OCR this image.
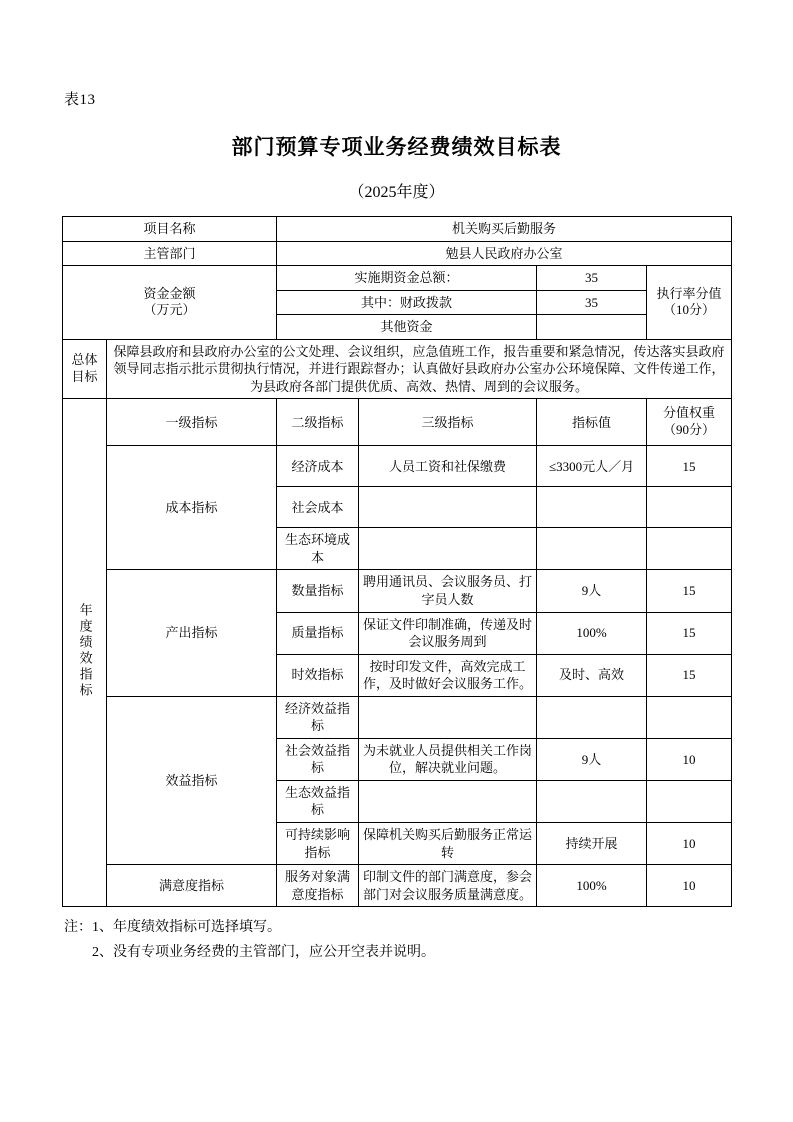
表13
部门预算专项业务经费绩效目标表
（2025年度）
项目名称		机关购买后勤服务			
主管部门		勉县人民政府办公室			

资金金额
（万元）		实施期资金总额：		35	执行率分值
（10分）

		其中：财政拨款		35	
		其他资金			

总体
目标	保障县政府和县政府办公室的公文处理、会议组织，应急值班工作，报告重要和紧急情况，传达落实县政府领导同志指示批示贯彻执行情况，并进行跟踪督办；认真做好县政府办公室办公环境保障、文件传递工作，为县政府各部门提供优质、高效、热情、周到的会议服务。				
年度绩效指标	一级指标	二级指标	三级指标	指标值	分值权重
（90分）

	成本指标	经济成本	人员工资和社保缴费	≤3300元人／月	15
		社会成本			
		生态环境成本			
	产出指标	数量指标	聘用通讯员、会议服务员、打字员人数	9人	15
		质量指标	保证文件印制准确，传递及时会议服务周到	100%	15
		时效指标	按时印发文件，高效完成工作，及时做好会议服务工作。	及时、高效	15
	效益指标	经济效益指标			
		社会效益指标	为未就业人员提供相关工作岗位，解决就业问题。	9人	10
		生态效益指标			
		可持续影响指标	保障机关购买后勤服务正常运转	持续开展	10
	满意度指标	服务对象满意度指标	印制文件的部门满意度，参会部门对会议服务质量满意度。	100%	10
注：1、年度绩效指标可选择填写。
2、没有专项业务经费的主管部门，应公开空表并说明。
